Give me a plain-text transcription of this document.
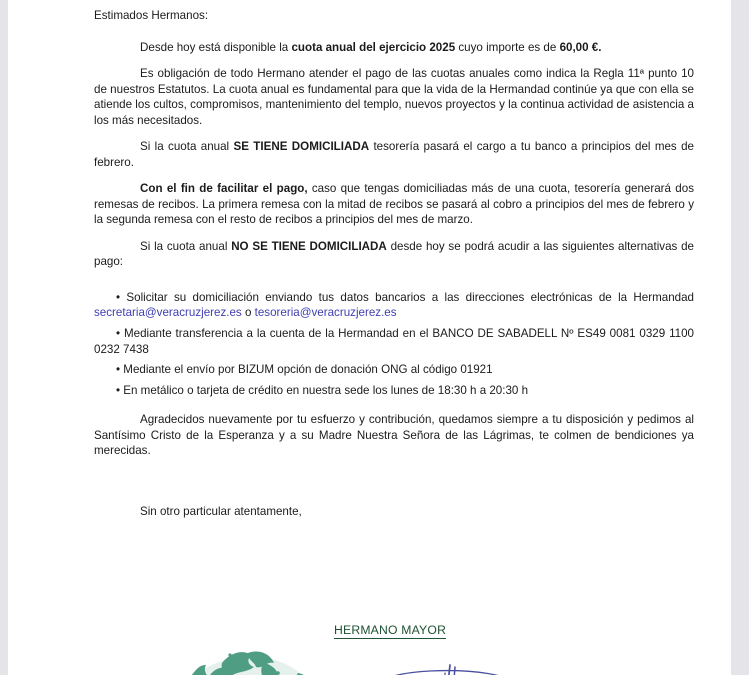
Estimados Hermanos:

Desde hoy está disponible la cuota anual del ejercicio 2025 cuyo importe es de 60,00 €.

Es obligación de todo Hermano atender el pago de las cuotas anuales como indica la Regla 11ª punto 10 de nuestros Estatutos. La cuota anual es fundamental para que la vida de la Hermandad continúe ya que con ella se atiende los cultos, compromisos, mantenimiento del templo, nuevos proyectos y la continua actividad de asistencia a los más necesitados.

Si la cuota anual SE TIENE DOMICILIADA tesorería pasará el cargo a tu banco a principios del mes de febrero.

Con el fin de facilitar el pago, caso que tengas domiciliadas más de una cuota, tesorería generará dos remesas de recibos. La primera remesa con la mitad de recibos se pasará al cobro a principios del mes de febrero y la segunda remesa con el resto de recibos a principios del mes de marzo.

Si la cuota anual NO SE TIENE DOMICILIADA desde hoy se podrá acudir a las siguientes alternativas de pago:

• Solicitar su domiciliación enviando tus datos bancarios a las direcciones electrónicas de la Hermandad secretaria@veracruzjerez.es o tesoreria@veracruzjerez.es

• Mediante transferencia a la cuenta de la Hermandad en el BANCO DE SABADELL Nº ES49 0081 0329 1100 0232 7438

• Mediante el envío por BIZUM opción de donación ONG al código 01921

• En metálico o tarjeta de crédito en nuestra sede los lunes de 18:30 h a 20:30 h

Agradecidos nuevamente por tu esfuerzo y contribución, quedamos siempre a tu disposición y pedimos al Santísimo Cristo de la Esperanza y a su Madre Nuestra Señora de las Lágrimas, te colmen de bendiciones ya merecidas.

Sin otro particular atentamente,
HERMANO MAYOR
